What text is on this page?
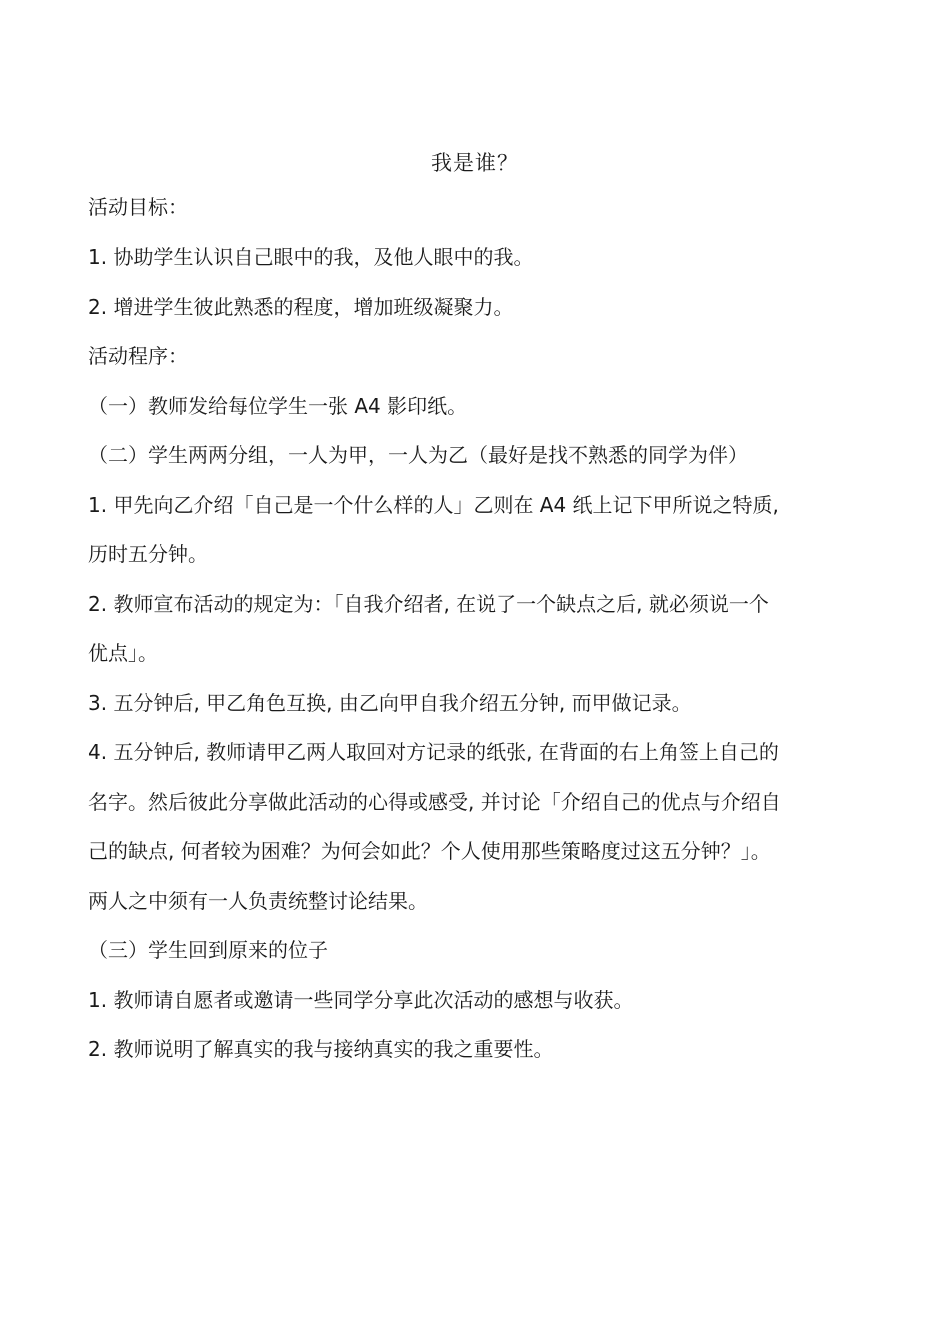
我是谁？
活动目标：
1. 协助学生认识自己眼中的我，及他人眼中的我。
2. 增进学生彼此熟悉的程度，增加班级凝聚力。
活动程序：
（一）教师发给每位学生一张 A4 影印纸。
（二）学生两两分组，一人为甲，一人为乙（最好是找不熟悉的同学为伴）
1. 甲先向乙介绍「自己是一个什么样的人」乙则在 A4 纸上记下甲所说之特质,
历时五分钟。
2. 教师宣布活动的规定为：「自我介绍者, 在说了一个缺点之后, 就必须说一个
优点」。
3. 五分钟后, 甲乙角色互换, 由乙向甲自我介绍五分钟, 而甲做记录。
4. 五分钟后, 教师请甲乙两人取回对方记录的纸张, 在背面的右上角签上自己的
名字。然后彼此分享做此活动的心得或感受, 并讨论「介绍自己的优点与介绍自
己的缺点, 何者较为困难？为何会如此？个人使用那些策略度过这五分钟？」。
两人之中须有一人负责统整讨论结果。
（三）学生回到原来的位子
1. 教师请自愿者或邀请一些同学分享此次活动的感想与收获。
2. 教师说明了解真实的我与接纳真实的我之重要性。
